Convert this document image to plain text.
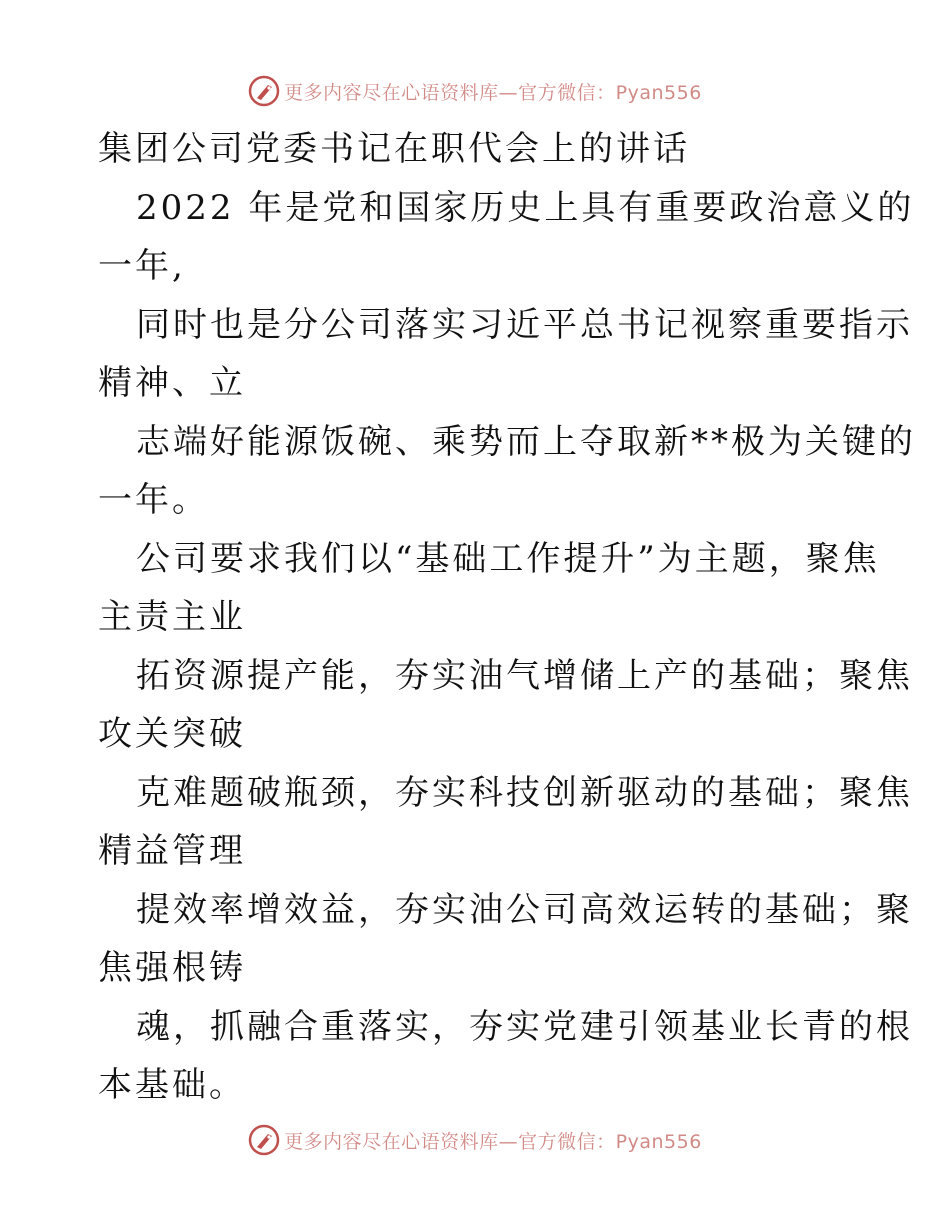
更多内容尽在心语资料库—官方微信：Pyan556
集团公司党委书记在职代会上的讲话
2022 年是党和国家历史上具有重要政治意义的
一年,
同时也是分公司落实习近平总书记视察重要指示
精神、立
志端好能源饭碗、乘势而上夺取新**极为关键的
一年。
公司要求我们以“基础工作提升”为主题，聚焦
主责主业
拓资源提产能，夯实油气增储上产的基础；聚焦
攻关突破
克难题破瓶颈，夯实科技创新驱动的基础；聚焦
精益管理
提效率增效益，夯实油公司高效运转的基础；聚
焦强根铸
魂，抓融合重落实，夯实党建引领基业长青的根
本基础。
更多内容尽在心语资料库—官方微信：Pyan556
